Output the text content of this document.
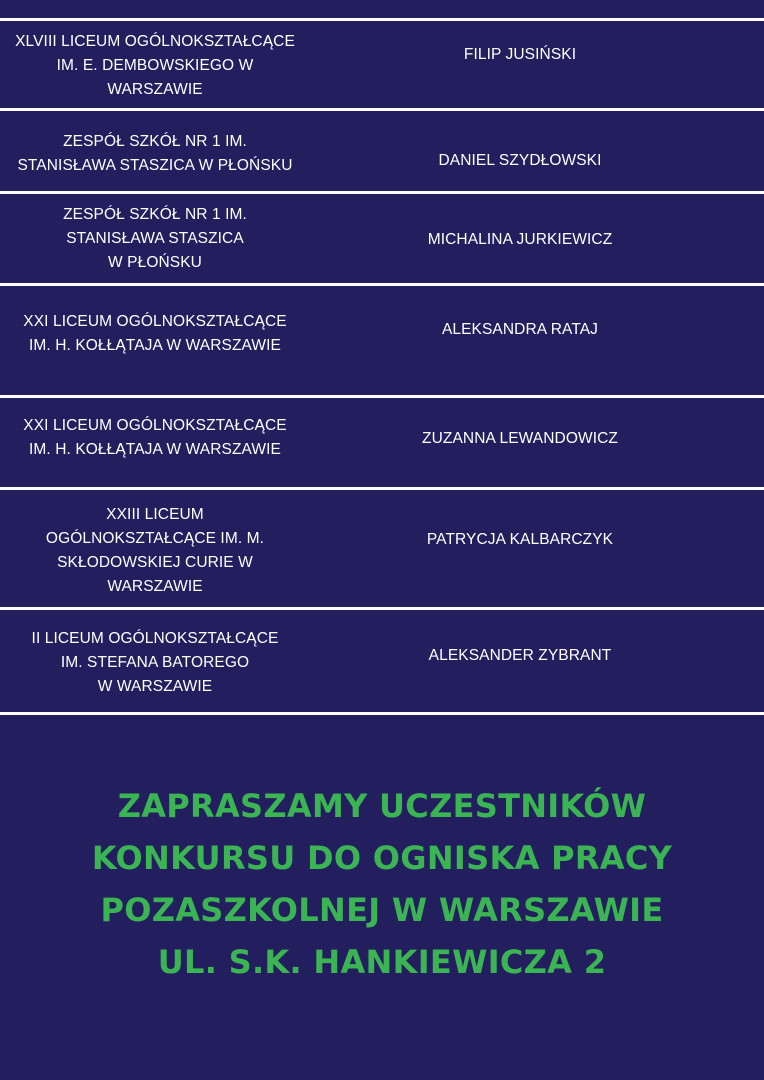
XLVIII LICEUM OGÓLNOKSZTAŁCĄCE
IM. E. DEMBOWSKIEGO W
WARSZAWIE
FILIP JUSIŃSKI
ZESPÓŁ SZKÓŁ NR 1 IM.
STANISŁAWA STASZICA W PŁOŃSKU	DANIEL SZYDŁOWSKI
ZESPÓŁ SZKÓŁ NR 1 IM.
STANISŁAWA STASZICA
W PŁOŃSKU
MICHALINA JURKIEWICZ
XXI LICEUM OGÓLNOKSZTAŁCĄCE
IM. H. KOŁŁĄTAJA W WARSZAWIE
ALEKSANDRA RATAJ
XXI LICEUM OGÓLNOKSZTAŁCĄCE
IM. H. KOŁŁĄTAJA W WARSZAWIE
ZUZANNA LEWANDOWICZ
XXIII LICEUM
OGÓLNOKSZTAŁCĄCE IM. M.
SKŁODOWSKIEJ CURIE W
WARSZAWIE
PATRYCJA KALBARCZYK
II LICEUM OGÓLNOKSZTAŁCĄCE
IM. STEFANA BATOREGO
W WARSZAWIE
ALEKSANDER ZYBRANT
ZAPRASZAMY UCZESTNIKÓW
KONKURSU DO OGNISKA PRACY
POZASZKOLNEJ W WARSZAWIE
UL. S.K. HANKIEWICZA 2
